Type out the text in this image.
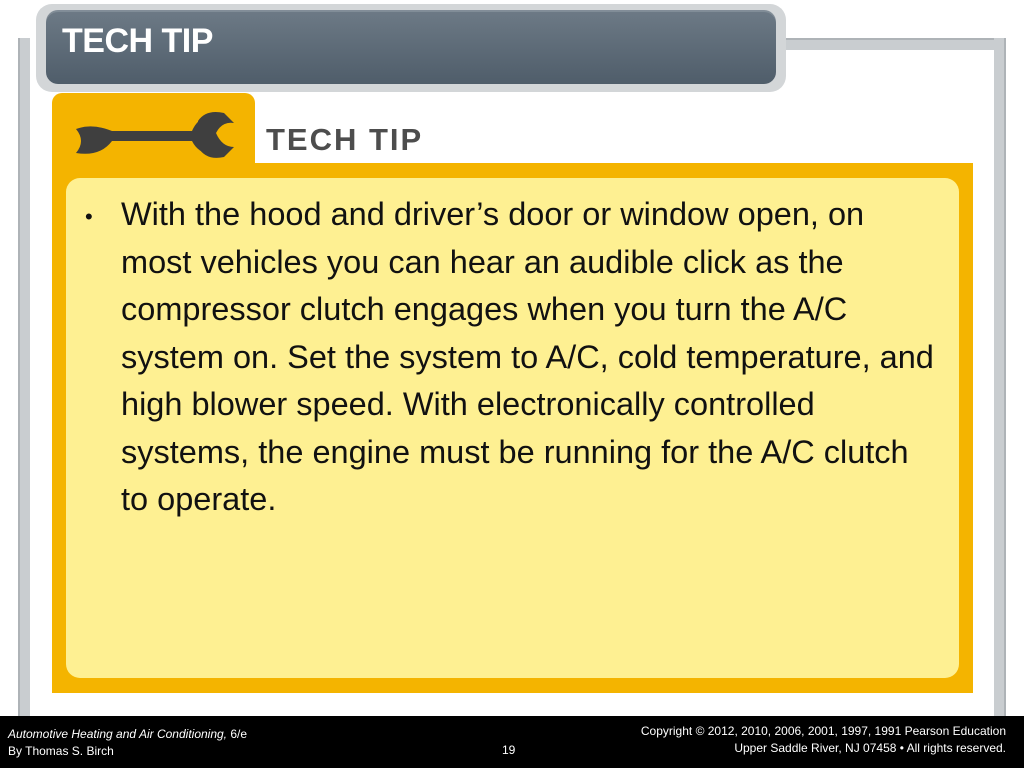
TECH TIP
TECH TIP
• With the hood and driver’s door or window open, on most vehicles you can hear an audible click as the compressor clutch engages when you turn the A/C system on. Set the system to A/C, cold temperature, and high blower speed. With electronically controlled systems, the engine must be running for the A/C clutch to operate.
Automotive Heating and Air Conditioning, 6/e
By Thomas S. Birch	19
Copyright © 2012, 2010, 2006, 2001, 1997, 1991 Pearson Education
Upper Saddle River, NJ 07458 • All rights reserved.
